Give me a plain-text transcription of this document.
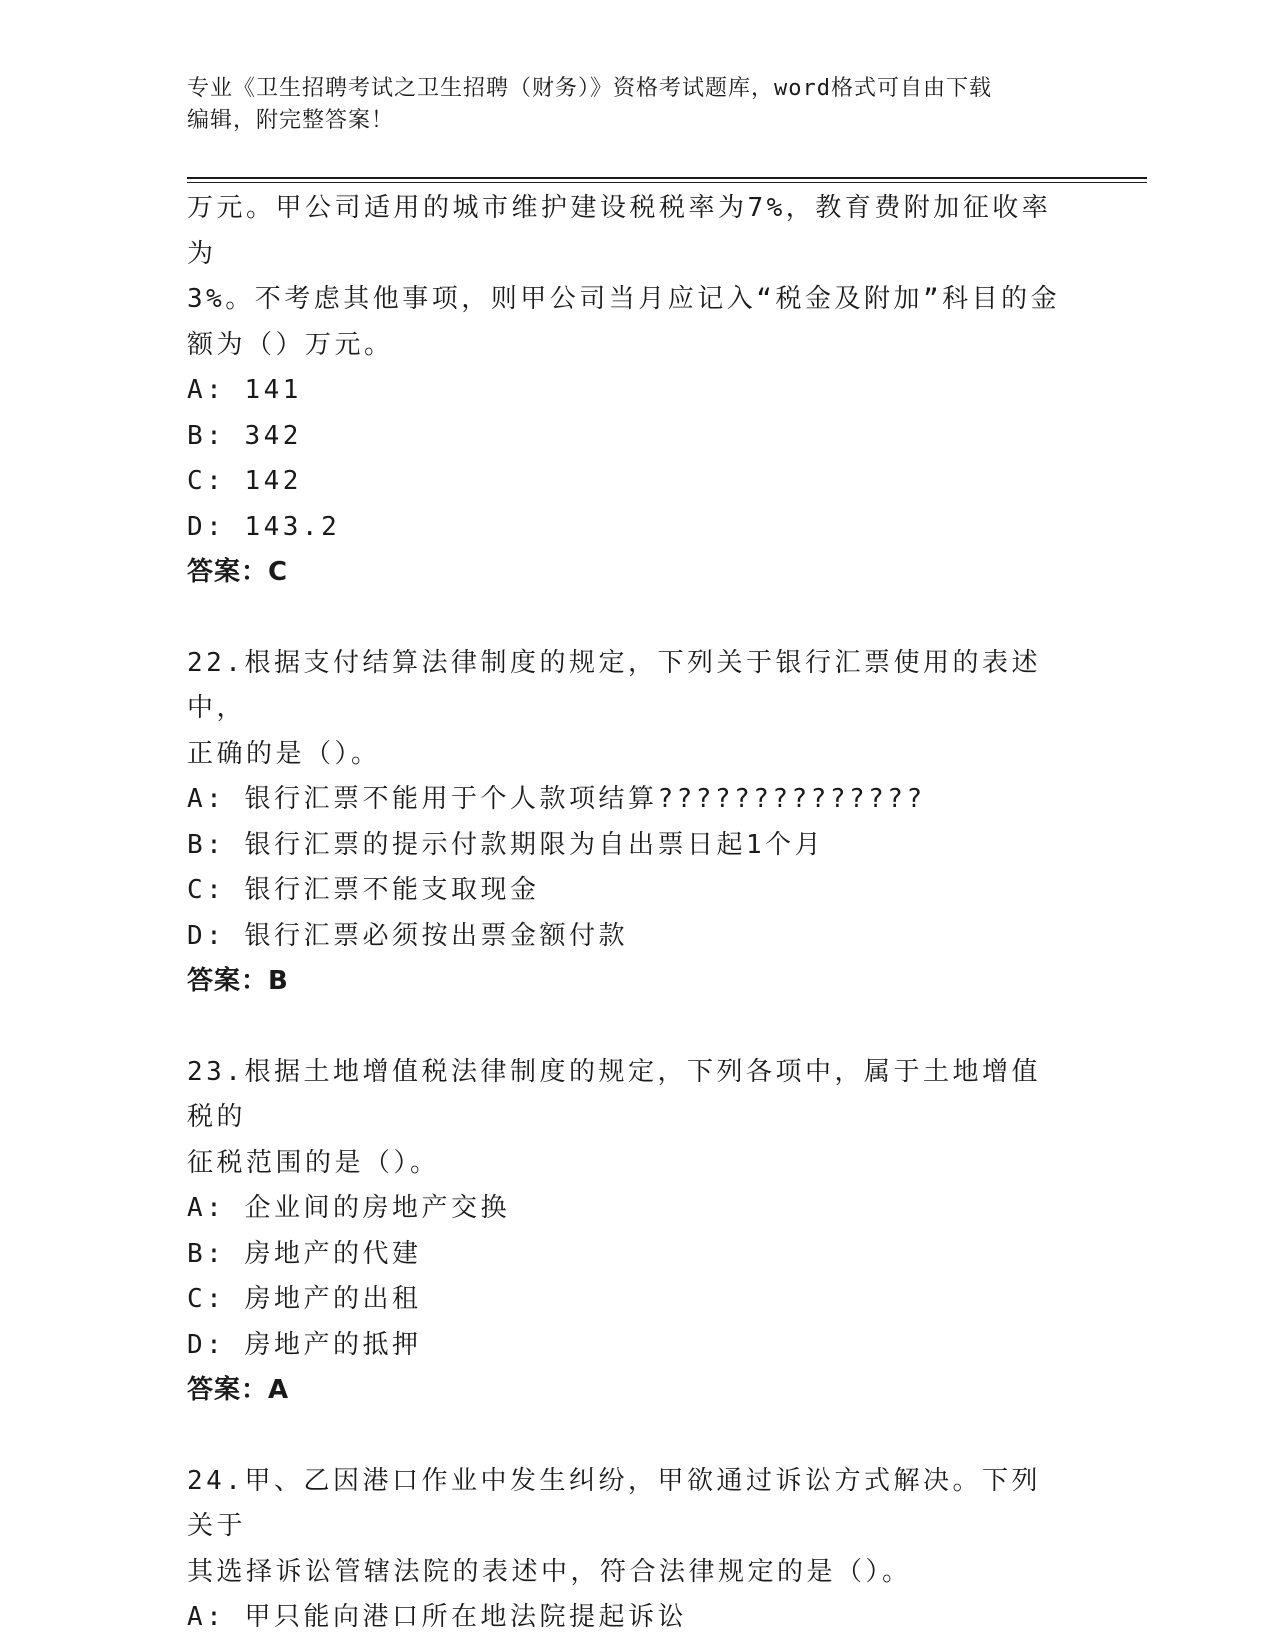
专业《卫生招聘考试之卫生招聘（财务）》资格考试题库，word格式可自由下载
编辑，附完整答案！
万元。甲公司适用的城市维护建设税税率为7%，教育费附加征收率为
3%。不考虑其他事项，则甲公司当月应记入“税金及附加”科目的金
额为（）万元。
A: 141
B: 342
C: 142
D: 143.2
答案：C
22.根据支付结算法律制度的规定，下列关于银行汇票使用的表述中，
正确的是（）。
A: 银行汇票不能用于个人款项结算??????????????
B: 银行汇票的提示付款期限为自出票日起1个月
C: 银行汇票不能支取现金
D: 银行汇票必须按出票金额付款
答案：B
23.根据土地增值税法律制度的规定，下列各项中，属于土地增值税的
征税范围的是（）。
A: 企业间的房地产交换
B: 房地产的代建
C: 房地产的出租
D: 房地产的抵押
答案：A
24.甲、乙因港口作业中发生纠纷，甲欲通过诉讼方式解决。下列关于
其选择诉讼管辖法院的表述中，符合法律规定的是（）。
A: 甲只能向港口所在地法院提起诉讼
